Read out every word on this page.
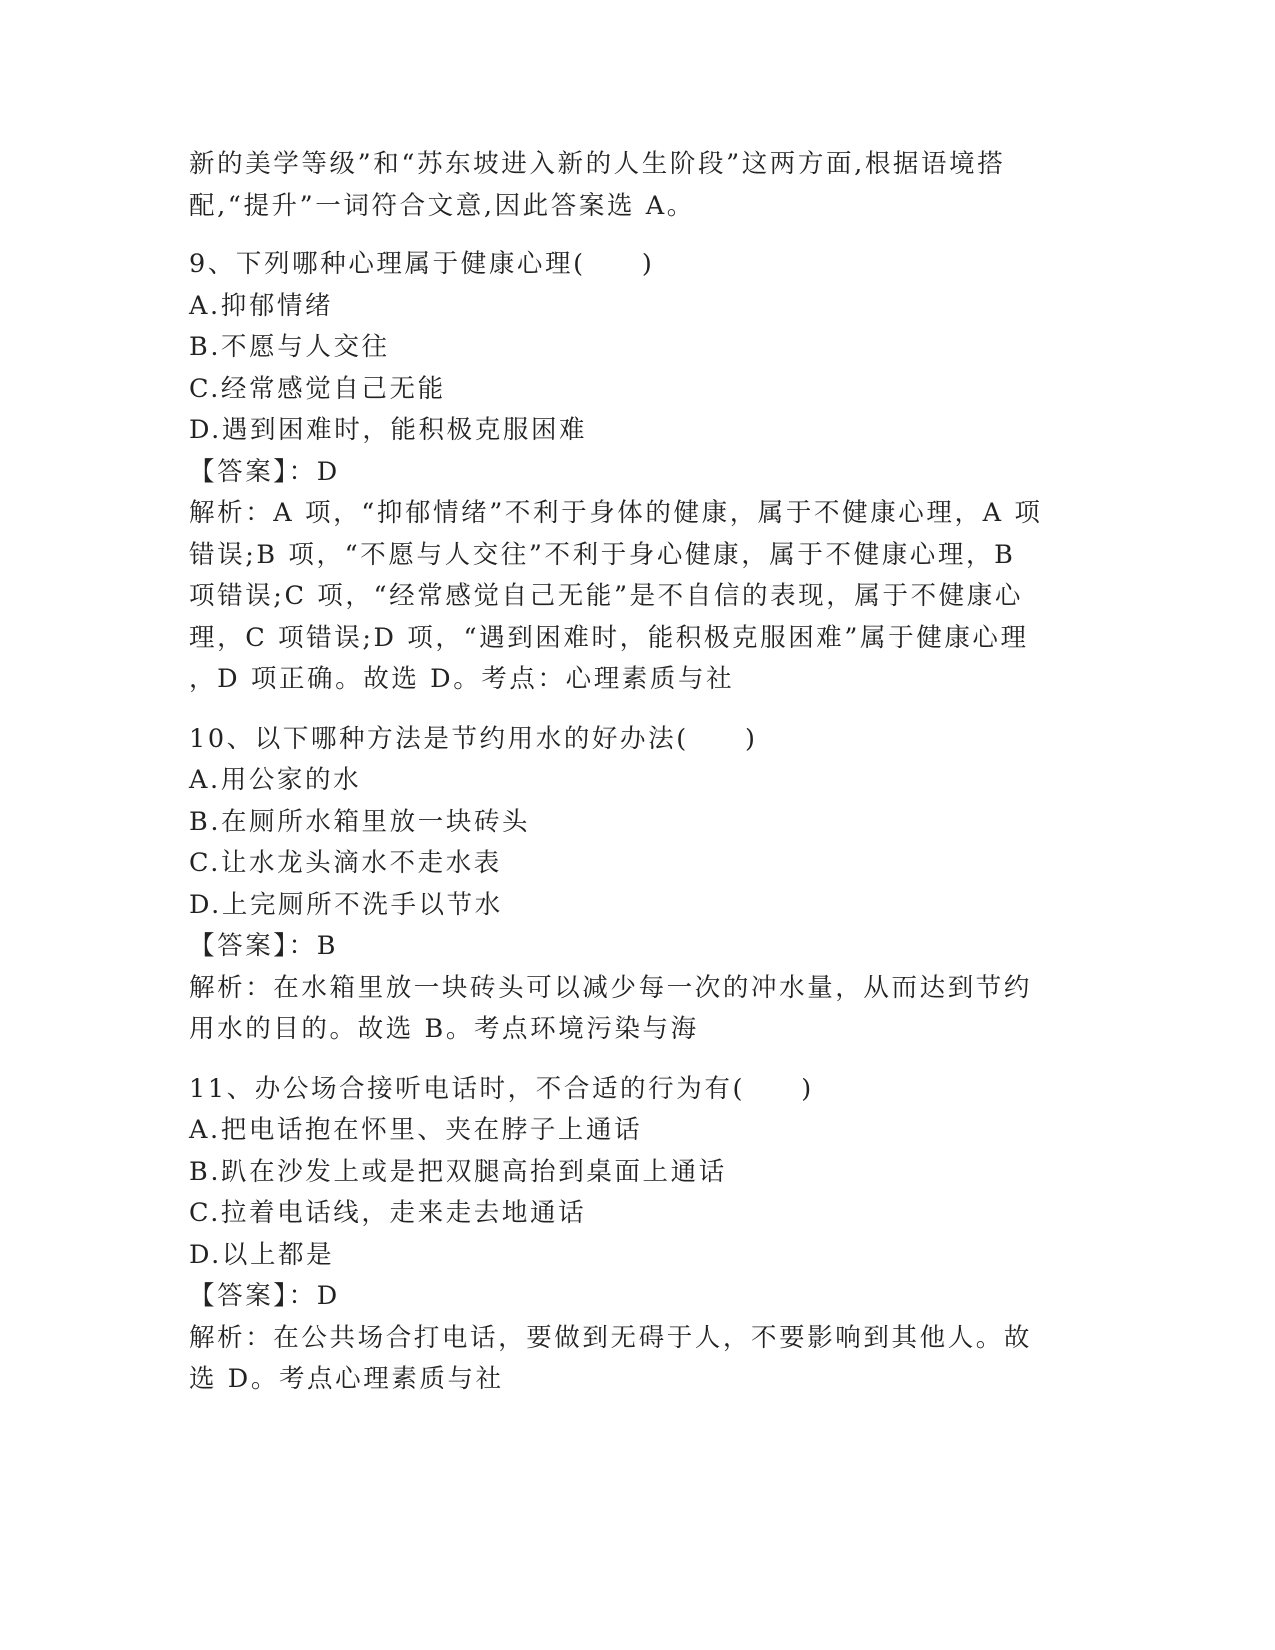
新的美学等级”和“苏东坡进入新的人生阶段”这两方面,根据语境搭
配,“提升”一词符合文意,因此答案选 A。
9、下列哪种心理属于健康心理(　　)
A.抑郁情绪
B.不愿与人交往
C.经常感觉自己无能
D.遇到困难时，能积极克服困难
【答案】：D
解析：A 项，“抑郁情绪”不利于身体的健康，属于不健康心理，A 项
错误;B 项，“不愿与人交往”不利于身心健康，属于不健康心理，B
项错误;C 项，“经常感觉自己无能”是不自信的表现，属于不健康心
理，C 项错误;D 项，“遇到困难时，能积极克服困难”属于健康心理
，D 项正确。故选 D。考点：心理素质与社
10、以下哪种方法是节约用水的好办法(　　)
A.用公家的水
B.在厕所水箱里放一块砖头
C.让水龙头滴水不走水表
D.上完厕所不洗手以节水
【答案】：B
解析：在水箱里放一块砖头可以减少每一次的冲水量，从而达到节约
用水的目的。故选 B。考点环境污染与海
11、办公场合接听电话时，不合适的行为有(　　)
A.把电话抱在怀里、夹在脖子上通话
B.趴在沙发上或是把双腿高抬到桌面上通话
C.拉着电话线，走来走去地通话
D.以上都是
【答案】：D
解析：在公共场合打电话，要做到无碍于人，不要影响到其他人。故
选 D。考点心理素质与社
